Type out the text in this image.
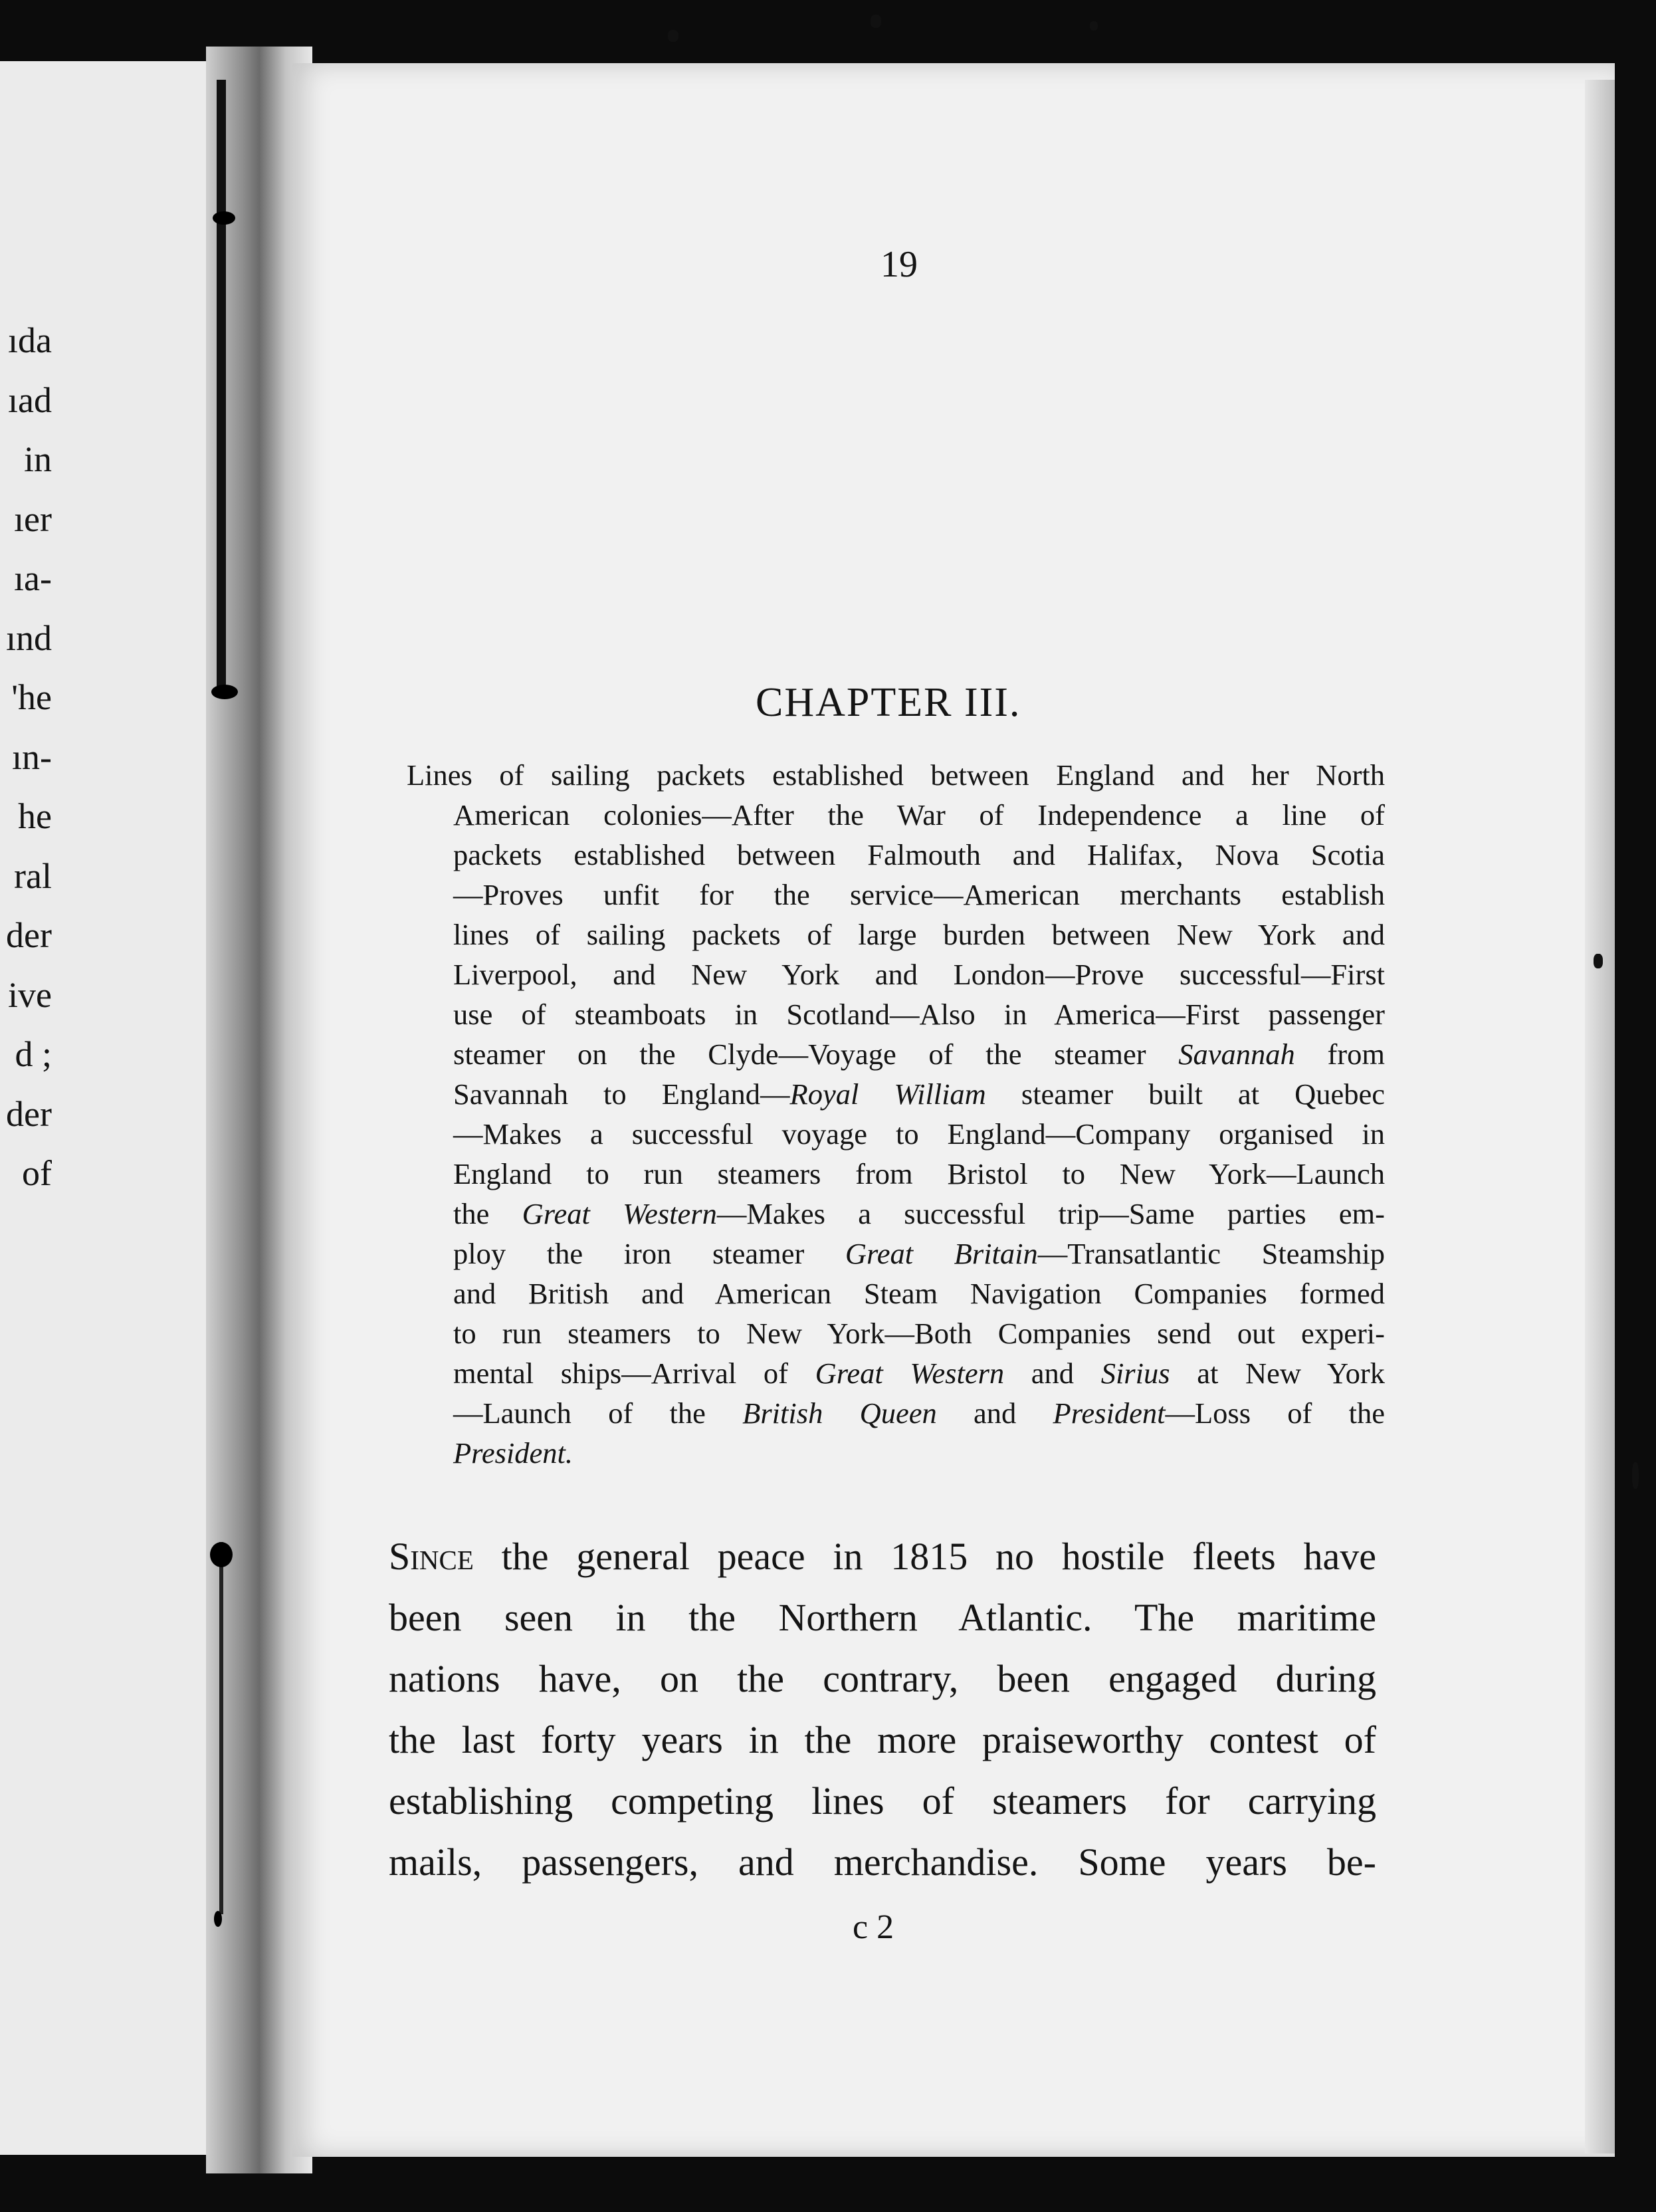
ıda
ıad
in
ıer
ıa-
ınd
'he
ın-
he
ral
der
ive
d ;
der
of
19
CHAPTER III.
Lines of sailing packets established between England and her North
American colonies—After the War of Independence a line of
packets established between Falmouth and Halifax, Nova Scotia
—Proves unfit for the service—American merchants establish
lines of sailing packets of large burden between New York and
Liverpool, and New York and London—Prove successful—First
use of steamboats in Scotland—Also in America—First passenger
steamer on the Clyde—Voyage of the steamer Savannah from
Savannah to England—Royal William steamer built at Quebec
—Makes a successful voyage to England—Company organised in
England to run steamers from Bristol to New York—Launch
the Great Western—Makes a successful trip—Same parties em-
ploy the iron steamer Great Britain—Transatlantic Steamship
and British and American Steam Navigation Companies formed
to run steamers to New York—Both Companies send out experi-
mental ships—Arrival of Great Western and Sirius at New York
—Launch of the British Queen and President—Loss of the
President.
Since the general peace in 1815 no hostile fleets have
been seen in the Northern Atlantic. The maritime
nations have, on the contrary, been engaged during
the last forty years in the more praiseworthy contest of
establishing competing lines of steamers for carrying
mails, passengers, and merchandise. Some years be-
c 2
